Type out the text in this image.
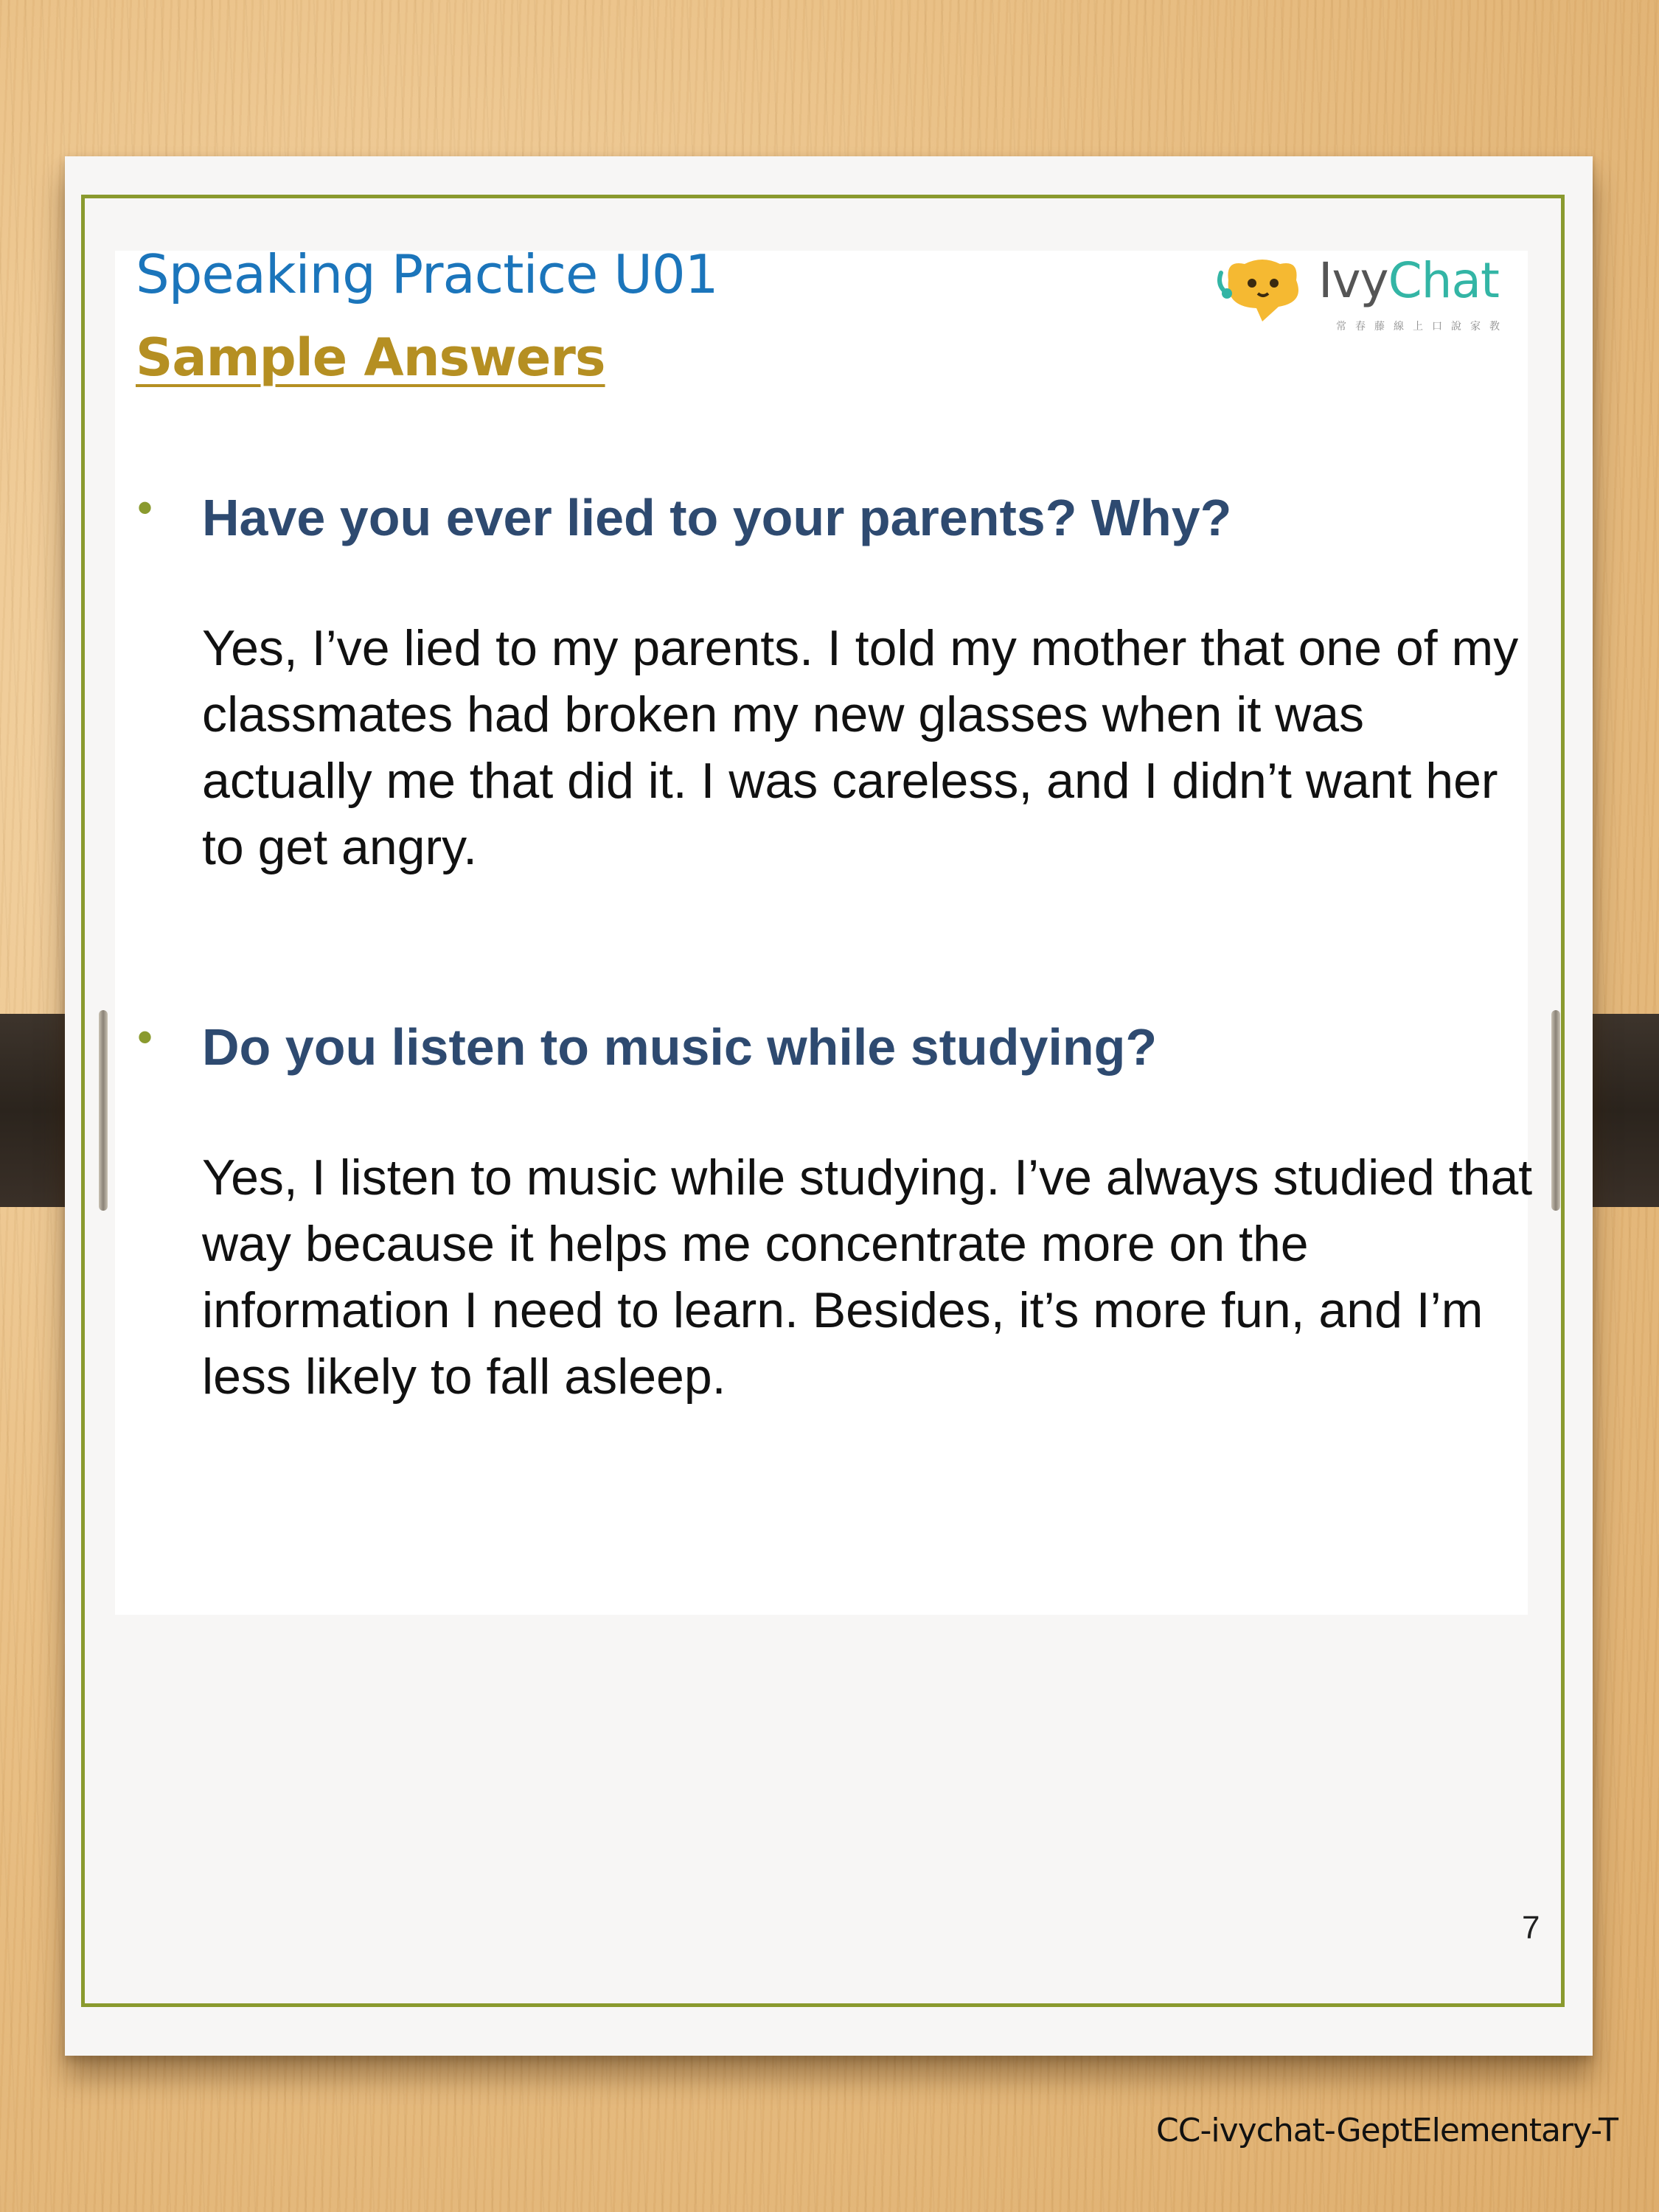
Speaking Practice U01
Sample Answers
IvyChat
常春藤線上口說家教
• Have you ever lied to your parents? Why?

Yes, I’ve lied to my parents. I told my mother that one of my classmates had broken my new glasses when it was actually me that did it. I was careless, and I didn’t want her to get angry.

• Do you listen to music while studying?

Yes, I listen to music while studying. I’ve always studied that way because it helps me concentrate more on the information I need to learn. Besides, it’s more fun, and I’m less likely to fall asleep.

7
CC-ivychat-GeptElementary-T
